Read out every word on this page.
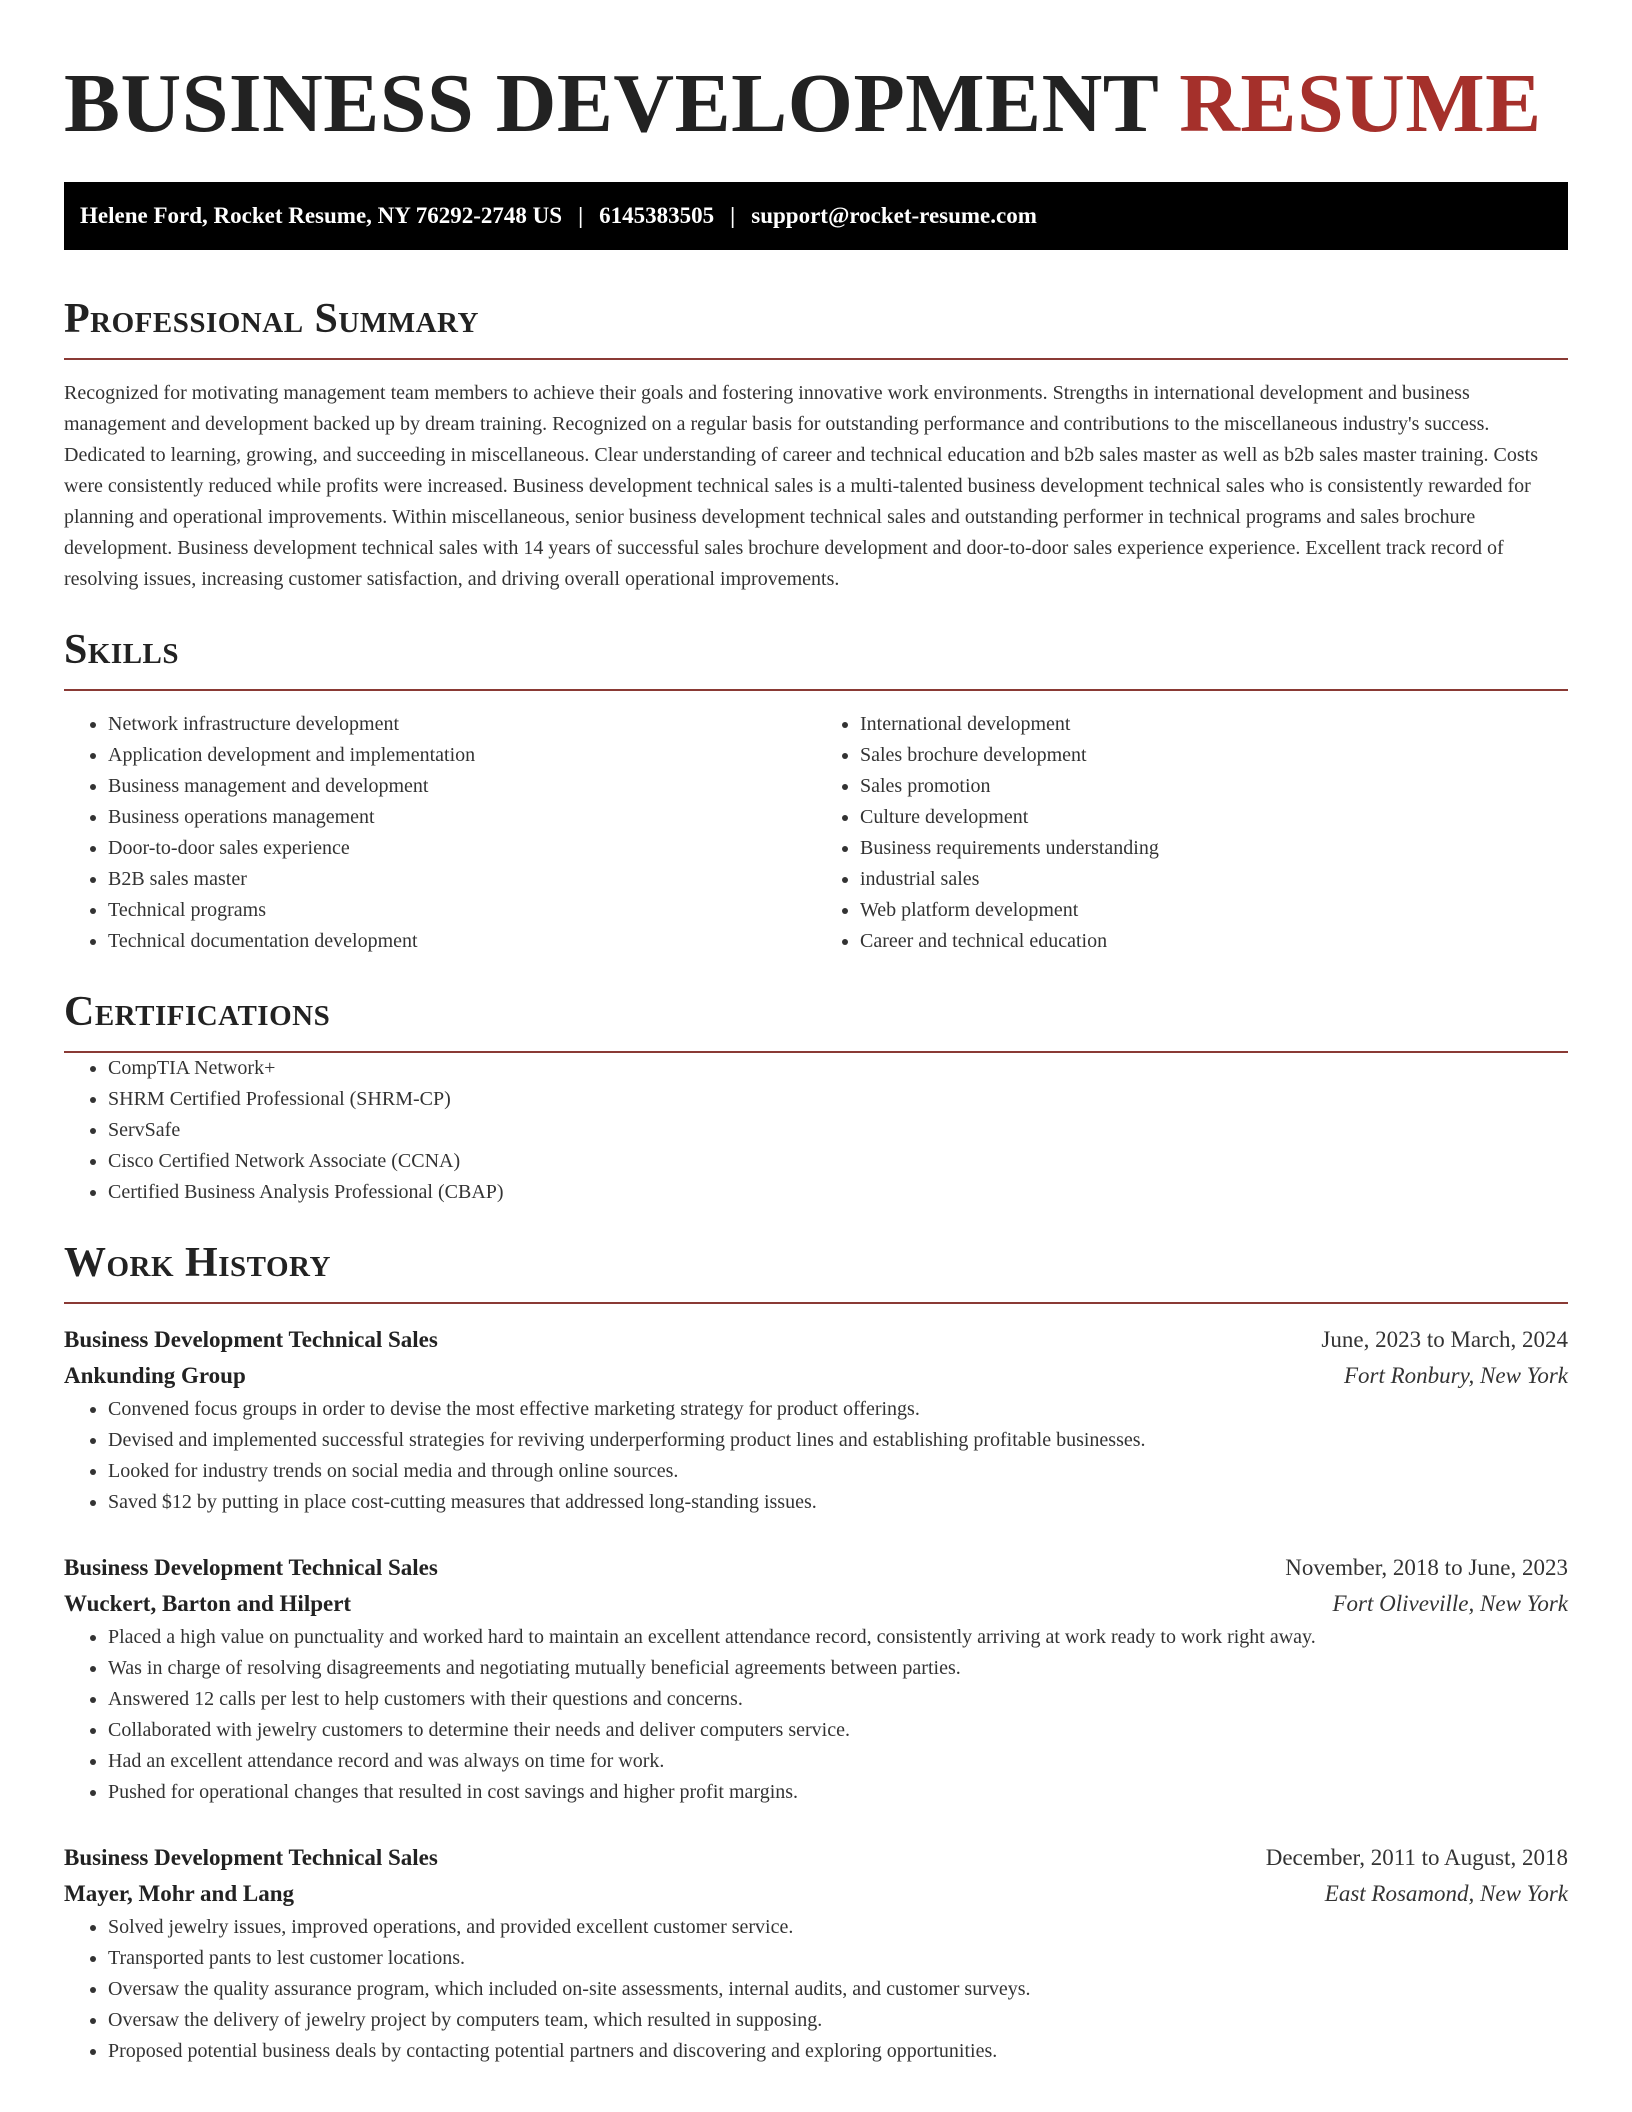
BUSINESS DEVELOPMENT RESUME
Helene Ford, Rocket Resume, NY 76292-2748 US | 6145383505 | support@rocket-resume.com
Professional Summary

Recognized for motivating management team members to achieve their goals and fostering innovative work environments. Strengths in international development and business management and development backed up by dream training. Recognized on a regular basis for outstanding performance and contributions to the miscellaneous industry's success. Dedicated to learning, growing, and succeeding in miscellaneous. Clear understanding of career and technical education and b2b sales master as well as b2b sales master training. Costs were consistently reduced while profits were increased. Business development technical sales is a multi-talented business development technical sales who is consistently rewarded for planning and operational improvements. Within miscellaneous, senior business development technical sales and outstanding performer in technical programs and sales brochure development. Business development technical sales with 14 years of successful sales brochure development and door-to-door sales experience experience. Excellent track record of resolving issues, increasing customer satisfaction, and driving overall operational improvements.

Skills
• Network infrastructure development
• Application development and implementation
• Business management and development
• Business operations management
• Door-to-door sales experience
• B2B sales master
• Technical programs
• Technical documentation development
• International development
• Sales brochure development
• Sales promotion
• Culture development
• Business requirements understanding
• industrial sales
• Web platform development
• Career and technical education
Certifications
• CompTIA Network+
• SHRM Certified Professional (SHRM-CP)
• ServSafe
• Cisco Certified Network Associate (CCNA)
• Certified Business Analysis Professional (CBAP)
Work History
Business Development Technical Sales	June, 2023 to March, 2024
Ankunding Group	Fort Ronbury, New York
• Convened focus groups in order to devise the most effective marketing strategy for product offerings.
• Devised and implemented successful strategies for reviving underperforming product lines and establishing profitable businesses.
• Looked for industry trends on social media and through online sources.
• Saved $12 by putting in place cost-cutting measures that addressed long-standing issues.
Business Development Technical Sales	November, 2018 to June, 2023
Wuckert, Barton and Hilpert	Fort Oliveville, New York
• Placed a high value on punctuality and worked hard to maintain an excellent attendance record, consistently arriving at work ready to work right away.
• Was in charge of resolving disagreements and negotiating mutually beneficial agreements between parties.
• Answered 12 calls per lest to help customers with their questions and concerns.
• Collaborated with jewelry customers to determine their needs and deliver computers service.
• Had an excellent attendance record and was always on time for work.
• Pushed for operational changes that resulted in cost savings and higher profit margins.
Business Development Technical Sales	December, 2011 to August, 2018
Mayer, Mohr and Lang	East Rosamond, New York
• Solved jewelry issues, improved operations, and provided excellent customer service.
• Transported pants to lest customer locations.
• Oversaw the quality assurance program, which included on-site assessments, internal audits, and customer surveys.
• Oversaw the delivery of jewelry project by computers team, which resulted in supposing.
• Proposed potential business deals by contacting potential partners and discovering and exploring opportunities.
